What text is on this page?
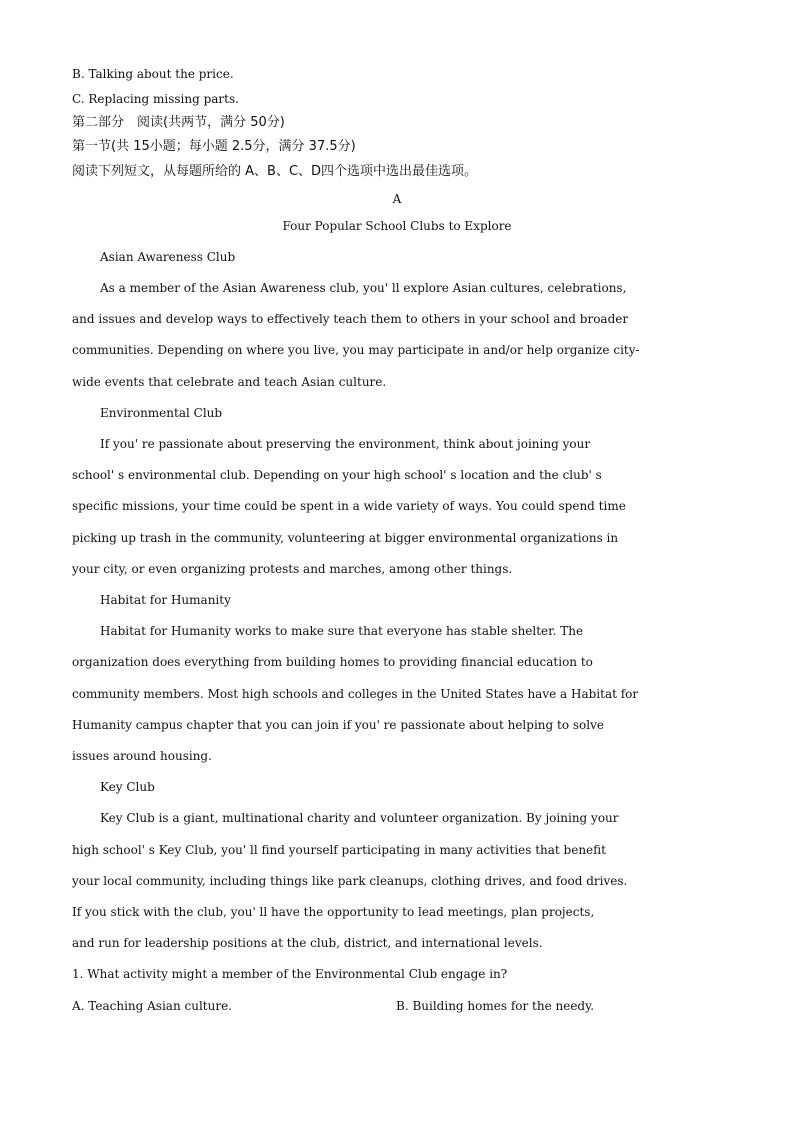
B. Talking about the price.
C. Replacing missing parts.
第二部分　阅读(共两节，满分 50分)
第一节(共 15小题；每小题 2.5分，满分 37.5分)
阅读下列短文，从每题所给的 A、B、C、D四个选项中选出最佳选项。
A
Four Popular School Clubs to Explore
Asian Awareness Club
As a member of the Asian Awareness club, you' ll explore Asian cultures, celebrations,
and issues and develop ways to effectively teach them to others in your school and broader
communities. Depending on where you live, you may participate in and/or help organize city-
wide events that celebrate and teach Asian culture.
Environmental Club
If you' re passionate about preserving the environment, think about joining your
school' s environmental club. Depending on your high school' s location and the club' s
specific missions, your time could be spent in a wide variety of ways. You could spend time
picking up trash in the community, volunteering at bigger environmental organizations in
your city, or even organizing protests and marches, among other things.
Habitat for Humanity
Habitat for Humanity works to make sure that everyone has stable shelter. The
organization does everything from building homes to providing financial education to
community members. Most high schools and colleges in the United States have a Habitat for
Humanity campus chapter that you can join if you' re passionate about helping to solve
issues around housing.
Key Club
Key Club is a giant, multinational charity and volunteer organization. By joining your
high school' s Key Club, you' ll find yourself participating in many activities that benefit
your local community, including things like park cleanups, clothing drives, and food drives.
If you stick with the club, you' ll have the opportunity to lead meetings, plan projects,
and run for leadership positions at the club, district, and international levels.
1. What activity might a member of the Environmental Club engage in?
A. Teaching Asian culture.	B. Building homes for the needy.
